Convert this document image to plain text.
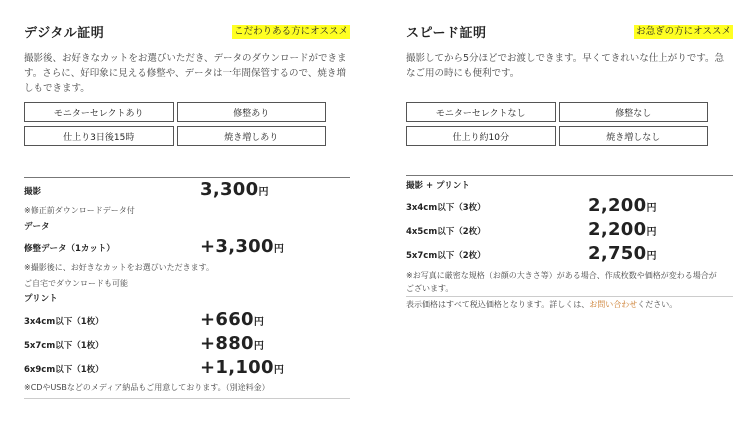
デジタル証明	こだわりある方にオススメ
撮影後、お好きなカットをお選びいただき、データのダウンロードができま
す。さらに、好印象に見える修整や、データは一年間保管するので、焼き増
しもできます。
モニターセレクトあり	修整あり
仕上り3日後15時	焼き増しあり
撮影	3,300円
※修正前ダウンロードデータ付
データ
修整データ（1カット）	+3,300円
※撮影後に、お好きなカットをお選びいただきます。
ご自宅でダウンロードも可能
プリント
3x4cm以下（1枚）	+660円
5x7cm以下（1枚）	+880円
6x9cm以下（1枚）	+1,100円
※CDやUSBなどのメディア納品もご用意しております。（別途料金）
スピード証明	お急ぎの方にオススメ
撮影してから5分ほどでお渡しできます。早くてきれいな仕上がりです。急
なご用の時にも便利です。
モニターセレクトなし	修整なし
仕上り約10分	焼き増しなし
撮影 + プリント
3x4cm以下（3枚）	2,200円
4x5cm以下（2枚）	2,200円
5x7cm以下（2枚）	2,750円
※お写真に厳密な規格（お顔の大きさ等）がある場合、作成枚数や価格が変わる場合が
ございます。
表示価格はすべて税込価格となります。詳しくは、お問い合わせください。
